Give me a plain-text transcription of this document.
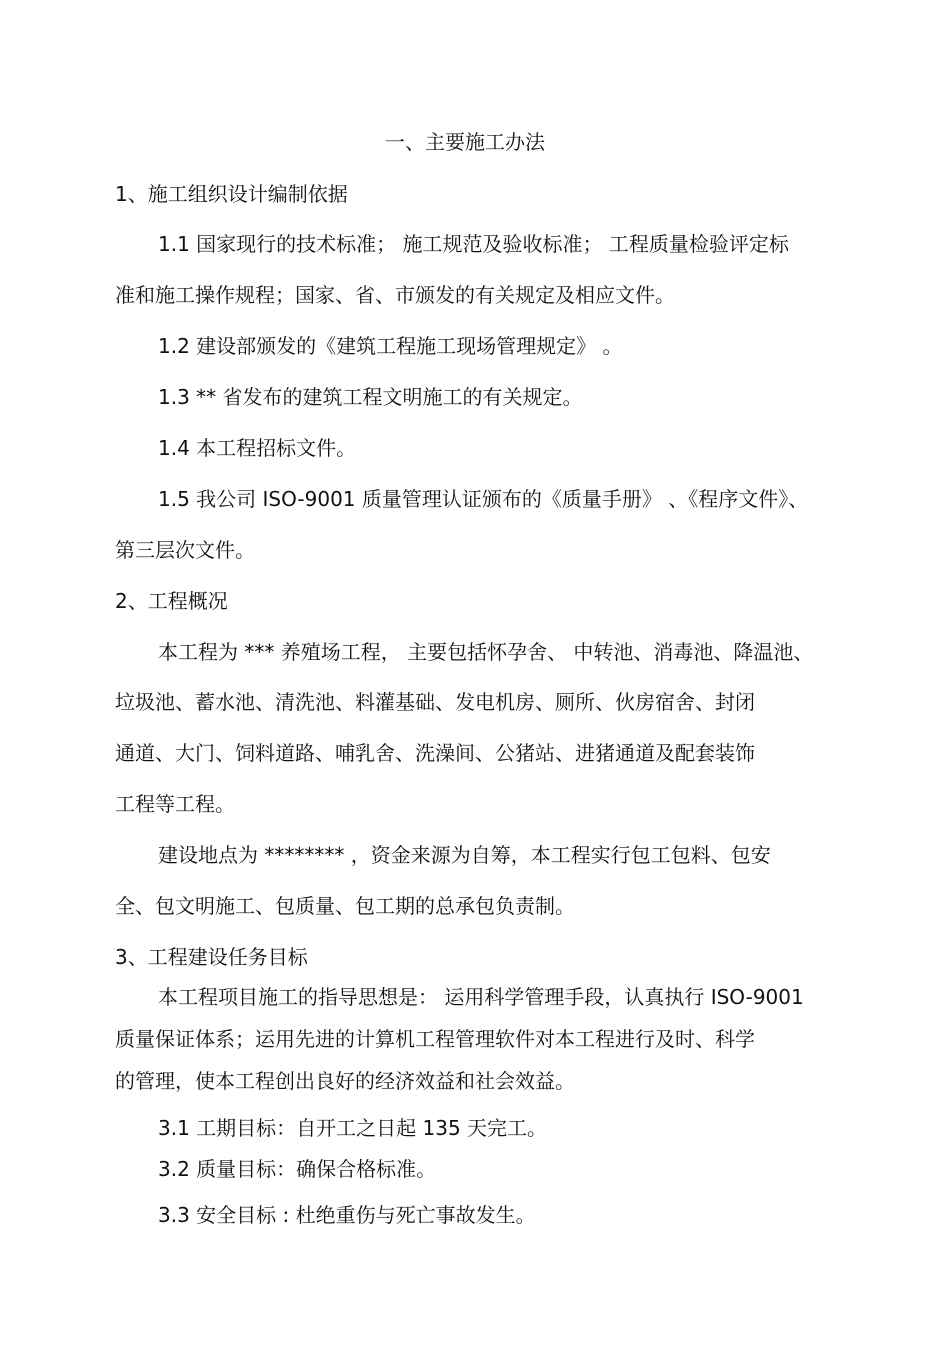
一、主要施工办法
1、施工组织设计编制依据
1.1 国家现行的技术标准； 施工规范及验收标准； 工程质量检验评定标
准和施工操作规程；国家、省、市颁发的有关规定及相应文件。
1.2 建设部颁发的《建筑工程施工现场管理规定》 。
1.3 ** 省发布的建筑工程文明施工的有关规定。
1.4 本工程招标文件。
1.5 我公司 ISO-9001 质量管理认证颁布的《质量手册》 、《程序文件》、
第三层次文件。
2、工程概况
本工程为 *** 养殖场工程， 主要包括怀孕舍、 中转池、消毒池、降温池、
垃圾池、蓄水池、清洗池、料灌基础、发电机房、厕所、伙房宿舍、封闭
通道、大门、饲料道路、哺乳舍、洗澡间、公猪站、进猪通道及配套装饰
工程等工程。
建设地点为 ******** ，资金来源为自筹，本工程实行包工包料、包安
全、包文明施工、包质量、包工期的总承包负责制。
3、工程建设任务目标
本工程项目施工的指导思想是： 运用科学管理手段，认真执行 ISO-9001
质量保证体系；运用先进的计算机工程管理软件对本工程进行及时、科学
的管理，使本工程创出良好的经济效益和社会效益。
3.1 工期目标：自开工之日起 135 天完工。
3.2 质量目标：确保合格标准。
3.3 安全目标 : 杜绝重伤与死亡事故发生。
